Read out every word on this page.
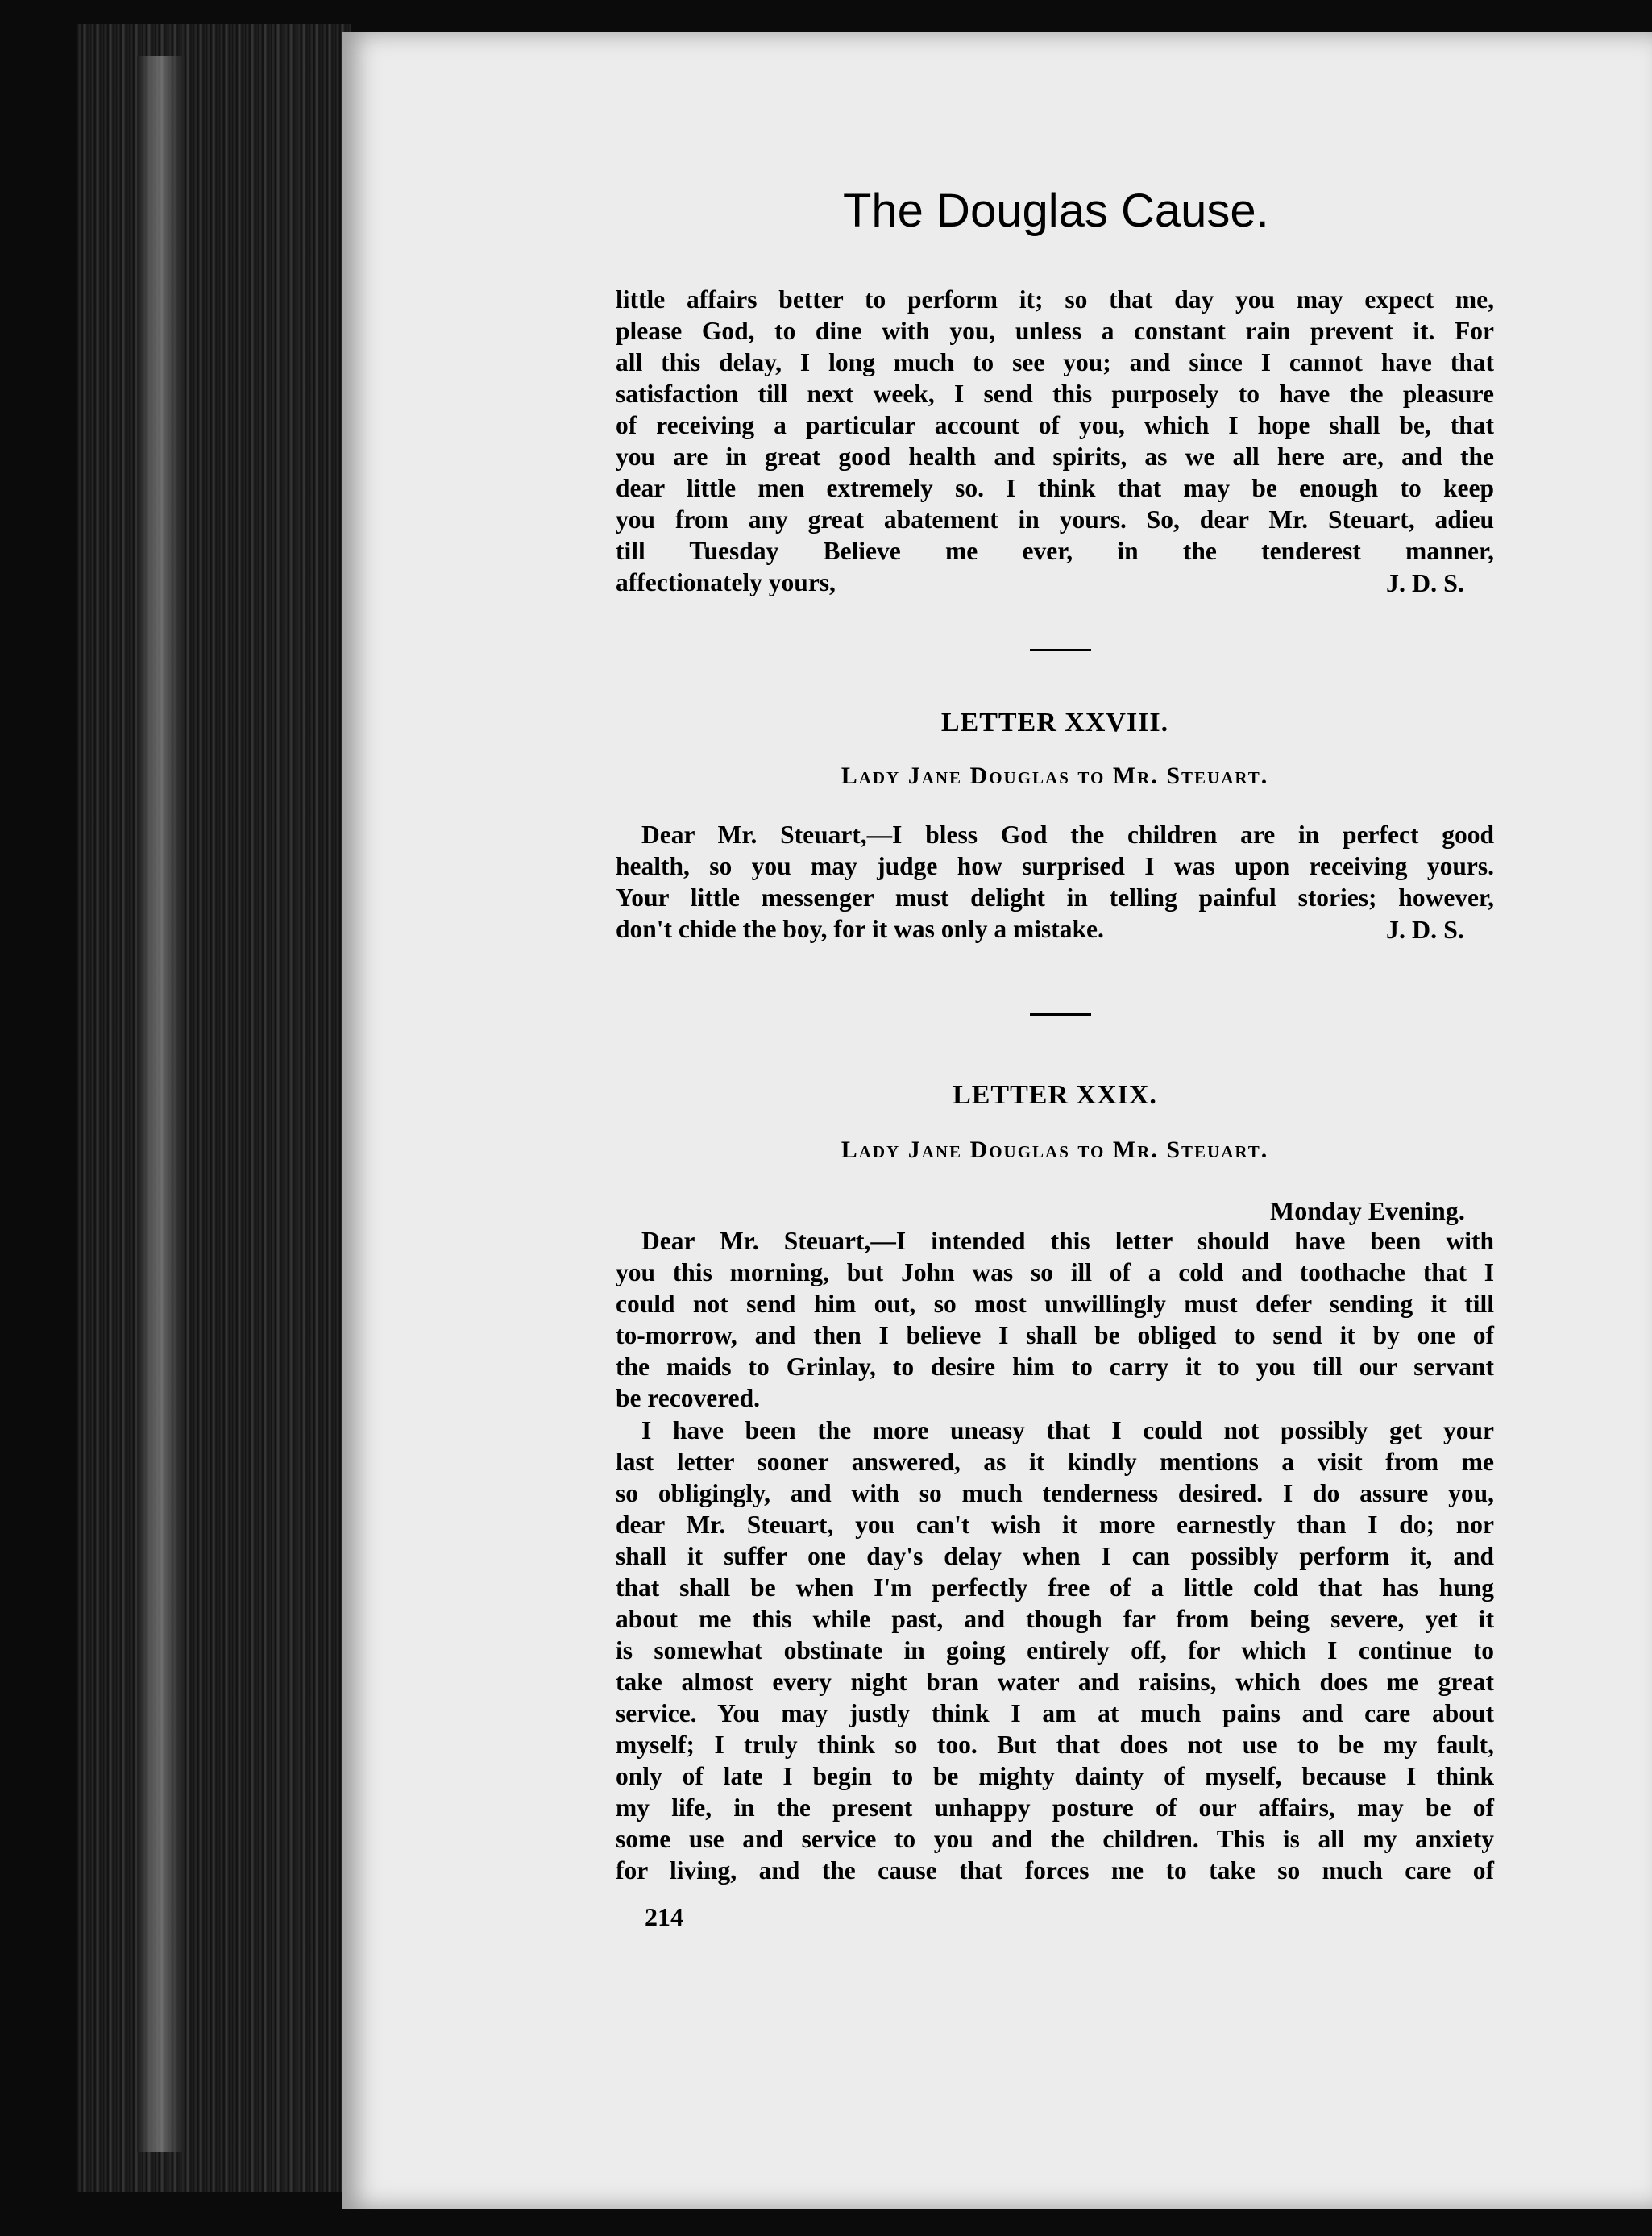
The Douglas Cause.
little affairs better to perform it; so that day you may expect me,
please God, to dine with you, unless a constant rain prevent it. For
all this delay, I long much to see you; and since I cannot have that
satisfaction till next week, I send this purposely to have the pleasure
of receiving a particular account of you, which I hope shall be, that
you are in great good health and spirits, as we all here are, and the
dear little men extremely so. I think that may be enough to keep
you from any great abatement in yours. So, dear Mr. Steuart, adieu
till Tuesday Believe me ever, in the tenderest manner,
affectionately yours,	J. D. S.
LETTER XXVIII.
Lady Jane Douglas to Mr. Steuart.
Dear Mr. Steuart,—I bless God the children are in perfect good
health, so you may judge how surprised I was upon receiving yours.
Your little messenger must delight in telling painful stories; however,
don't chide the boy, for it was only a mistake.	J. D. S.
LETTER XXIX.
Lady Jane Douglas to Mr. Steuart.
Monday Evening.
Dear Mr. Steuart,—I intended this letter should have been with
you this morning, but John was so ill of a cold and toothache that I
could not send him out, so most unwillingly must defer sending it till
to-morrow, and then I believe I shall be obliged to send it by one of
the maids to Grinlay, to desire him to carry it to you till our servant
be recovered.
I have been the more uneasy that I could not possibly get your
last letter sooner answered, as it kindly mentions a visit from me
so obligingly, and with so much tenderness desired. I do assure you,
dear Mr. Steuart, you can't wish it more earnestly than I do; nor
shall it suffer one day's delay when I can possibly perform it, and
that shall be when I'm perfectly free of a little cold that has hung
about me this while past, and though far from being severe, yet it
is somewhat obstinate in going entirely off, for which I continue to
take almost every night bran water and raisins, which does me great
service. You may justly think I am at much pains and care about
myself; I truly think so too. But that does not use to be my fault,
only of late I begin to be mighty dainty of myself, because I think
my life, in the present unhappy posture of our affairs, may be of
some use and service to you and the children. This is all my anxiety
for living, and the cause that forces me to take so much care of
214
